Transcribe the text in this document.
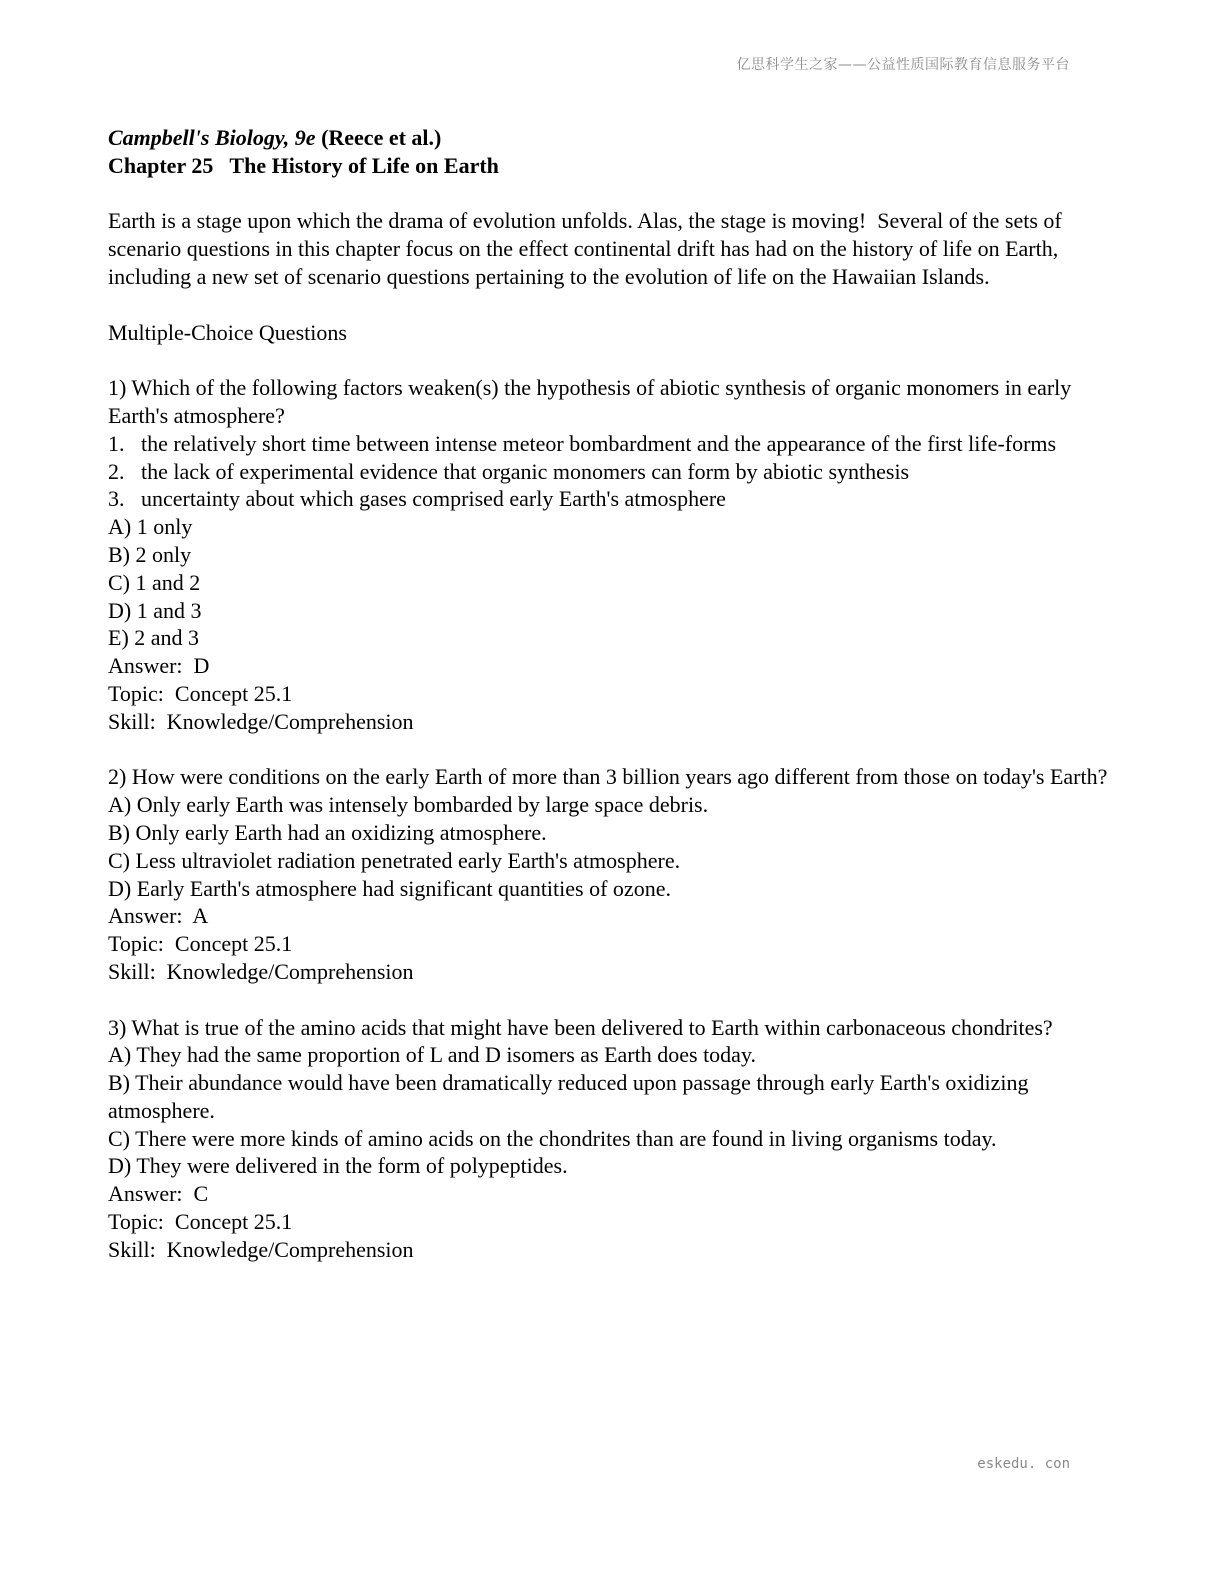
亿思科学生之家——公益性质国际教育信息服务平台
Campbell's Biology, 9e (Reece et al.)
Chapter 25   The History of Life on Earth

Earth is a stage upon which the drama of evolution unfolds. Alas, the stage is moving!  Several of the sets of scenario questions in this chapter focus on the effect continental drift has had on the history of life on Earth, including a new set of scenario questions pertaining to the evolution of life on the Hawaiian Islands.

Multiple-Choice Questions
1) Which of the following factors weaken(s) the hypothesis of abiotic synthesis of organic monomers in early Earth's atmosphere?
1.   the relatively short time between intense meteor bombardment and the appearance of the first life-forms
2.   the lack of experimental evidence that organic monomers can form by abiotic synthesis
3.   uncertainty about which gases comprised early Earth's atmosphere
A) 1 only
B) 2 only
C) 1 and 2
D) 1 and 3
E) 2 and 3
Answer:  D
Topic:  Concept 25.1
Skill:  Knowledge/Comprehension
2) How were conditions on the early Earth of more than 3 billion years ago different from those on today's Earth?
A) Only early Earth was intensely bombarded by large space debris.
B) Only early Earth had an oxidizing atmosphere.
C) Less ultraviolet radiation penetrated early Earth's atmosphere.
D) Early Earth's atmosphere had significant quantities of ozone.
Answer:  A
Topic:  Concept 25.1
Skill:  Knowledge/Comprehension
3) What is true of the amino acids that might have been delivered to Earth within carbonaceous chondrites?
A) They had the same proportion of L and D isomers as Earth does today.
B) Their abundance would have been dramatically reduced upon passage through early Earth's oxidizing atmosphere.
C) There were more kinds of amino acids on the chondrites than are found in living organisms today.
D) They were delivered in the form of polypeptides.
Answer:  C
Topic:  Concept 25.1
Skill:  Knowledge/Comprehension
eskedu. con
